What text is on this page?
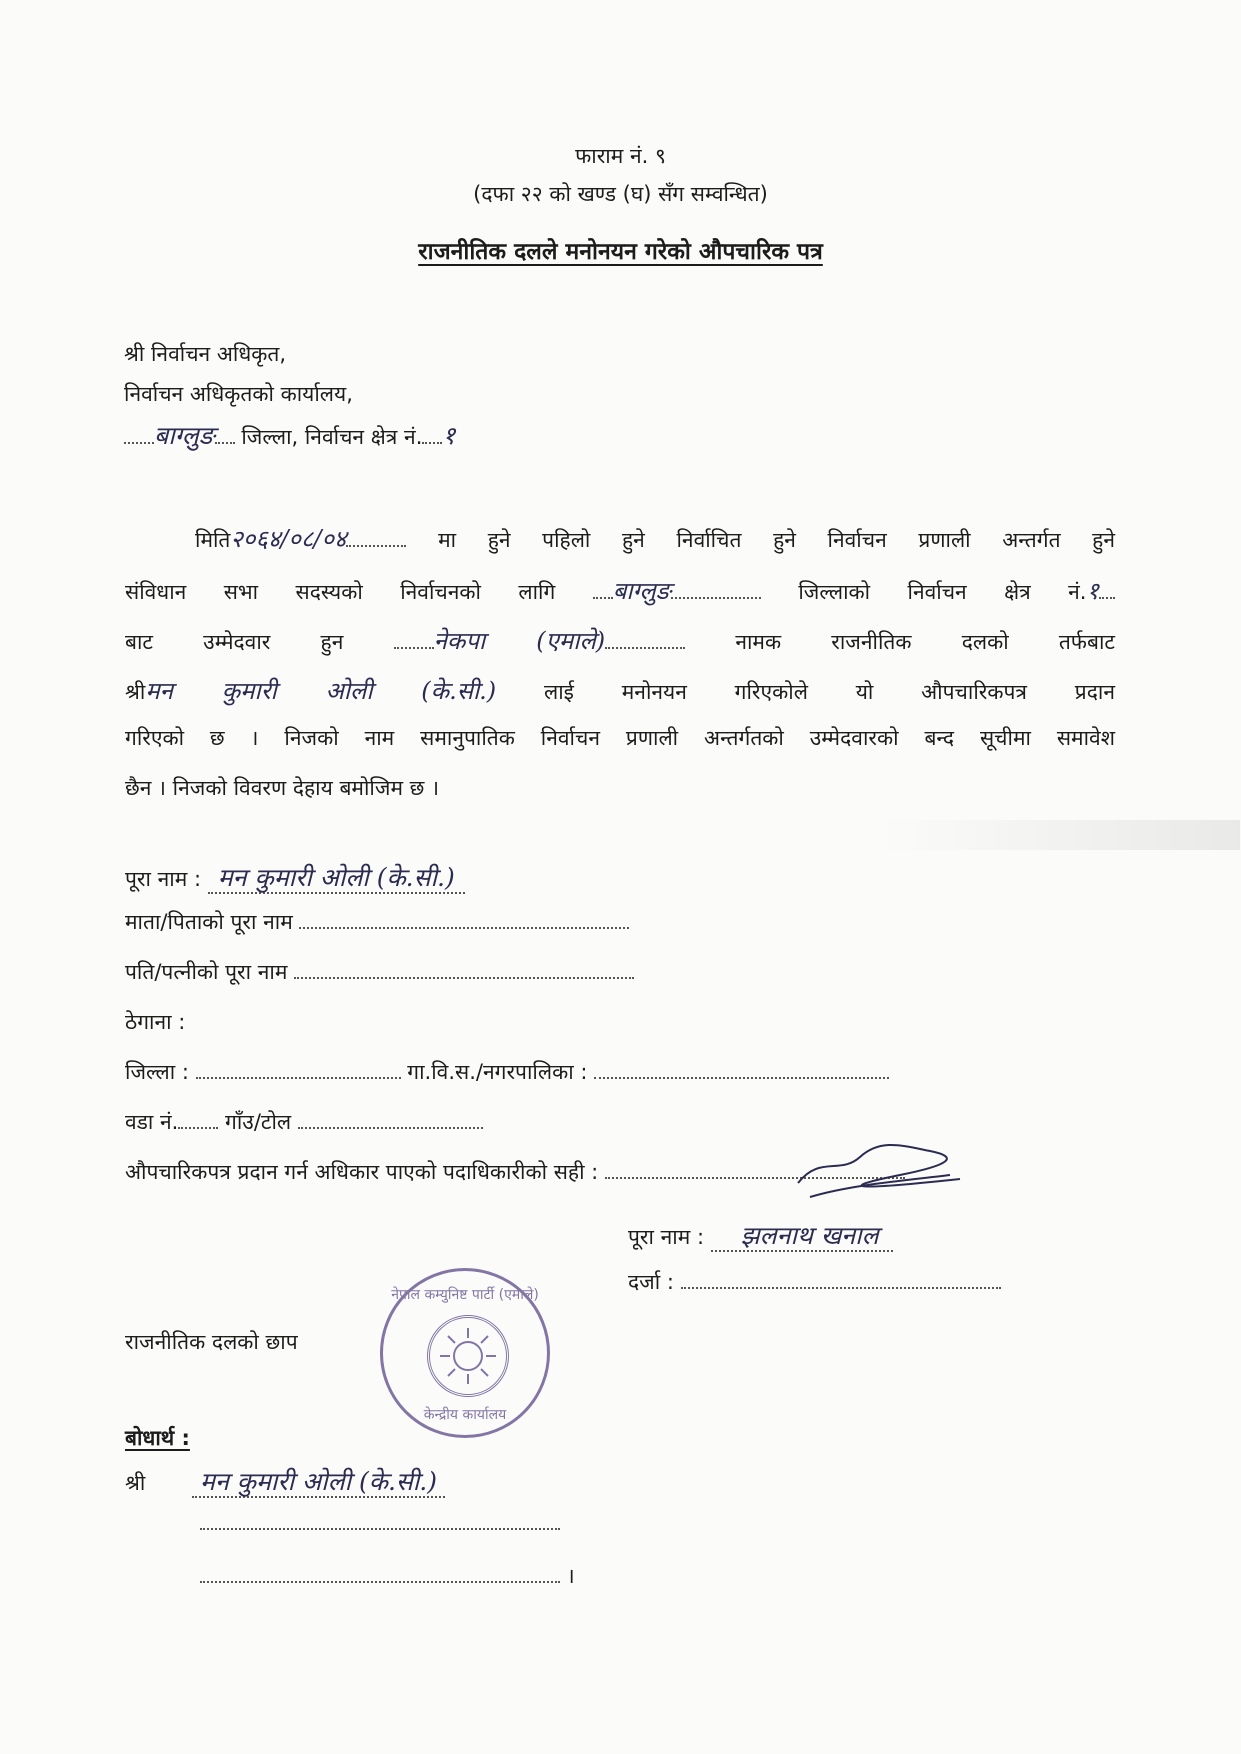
फाराम नं. ९
(दफा २२ को खण्ड (घ) सँग सम्वन्धित)
राजनीतिक दलले मनोनयन गरेको औपचारिक पत्र
श्री निर्वाचन अधिकृत,
निर्वाचन अधिकृतको कार्यालय,
बाग्लुङ जिल्ला, निर्वाचन क्षेत्र नं. १
मिति२०६४/०८/०४	मा हुने पहिलो हुने निर्वाचित हुने निर्वाचन प्रणाली अन्तर्गत हुने
संविधान सभा सदस्यको निर्वाचनको लागि बाग्लुङ	जिल्लाको निर्वाचन क्षेत्र नं.१
बाट उम्मेदवार हुन	नेकपा (एमाले)	नामक राजनीतिक दलको तर्फबाट
श्रीमन कुमारी ओली (के.सी.) लाई मनोनयन गरिएकोले यो औपचारिकपत्र प्रदान
गरिएको छ । निजको नाम समानुपातिक निर्वाचन प्रणाली अन्तर्गतको उम्मेदवारको बन्द सूचीमा समावेश
छैन । निजको विवरण देहाय बमोजिम छ ।
पूरा नाम : मन कुमारी ओली (के.सी.)
माता/पिताको पूरा नाम
पति/पत्नीको पूरा नाम
ठेगाना :
जिल्ला :	गा.वि.स./नगरपालिका :
वडा नं. गाँउ/टोल
औपचारिकपत्र प्रदान गर्न अधिकार पाएको पदाधिकारीको सही :
पूरा नाम : झलनाथ खनाल
दर्जा :
राजनीतिक दलको छाप
नेपाल कम्युनिष्ट पार्टी (एमाले)
केन्द्रीय कार्यालय
बोधार्थ :
श्री मन कुमारी ओली (के.सी.)
।
